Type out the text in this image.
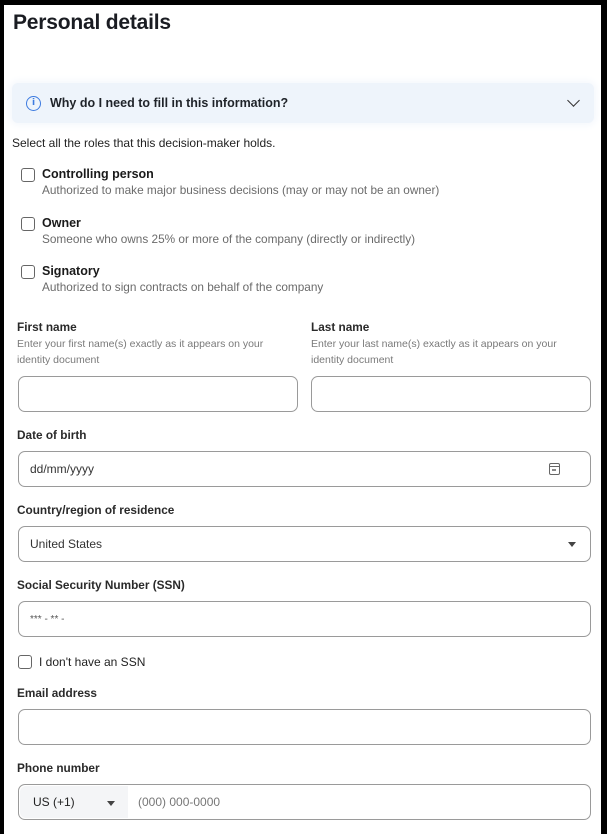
Personal details
i	Why do I need to fill in this information?
Select all the roles that this decision-maker holds.
Controlling person
Authorized to make major business decisions (may or may not be an owner)
Owner
Someone who owns 25% or more of the company (directly or indirectly)
Signatory
Authorized to sign contracts on behalf of the company
First name
Enter your first name(s) exactly as it appears on your identity document
Last name
Enter your last name(s) exactly as it appears on your identity document
Date of birth
dd/mm/yyyy
Country/region of residence
United States
Social Security Number (SSN)
*** - ** -
I don't have an SSN
Email address
Phone number
US (+1)	(000) 000-0000
